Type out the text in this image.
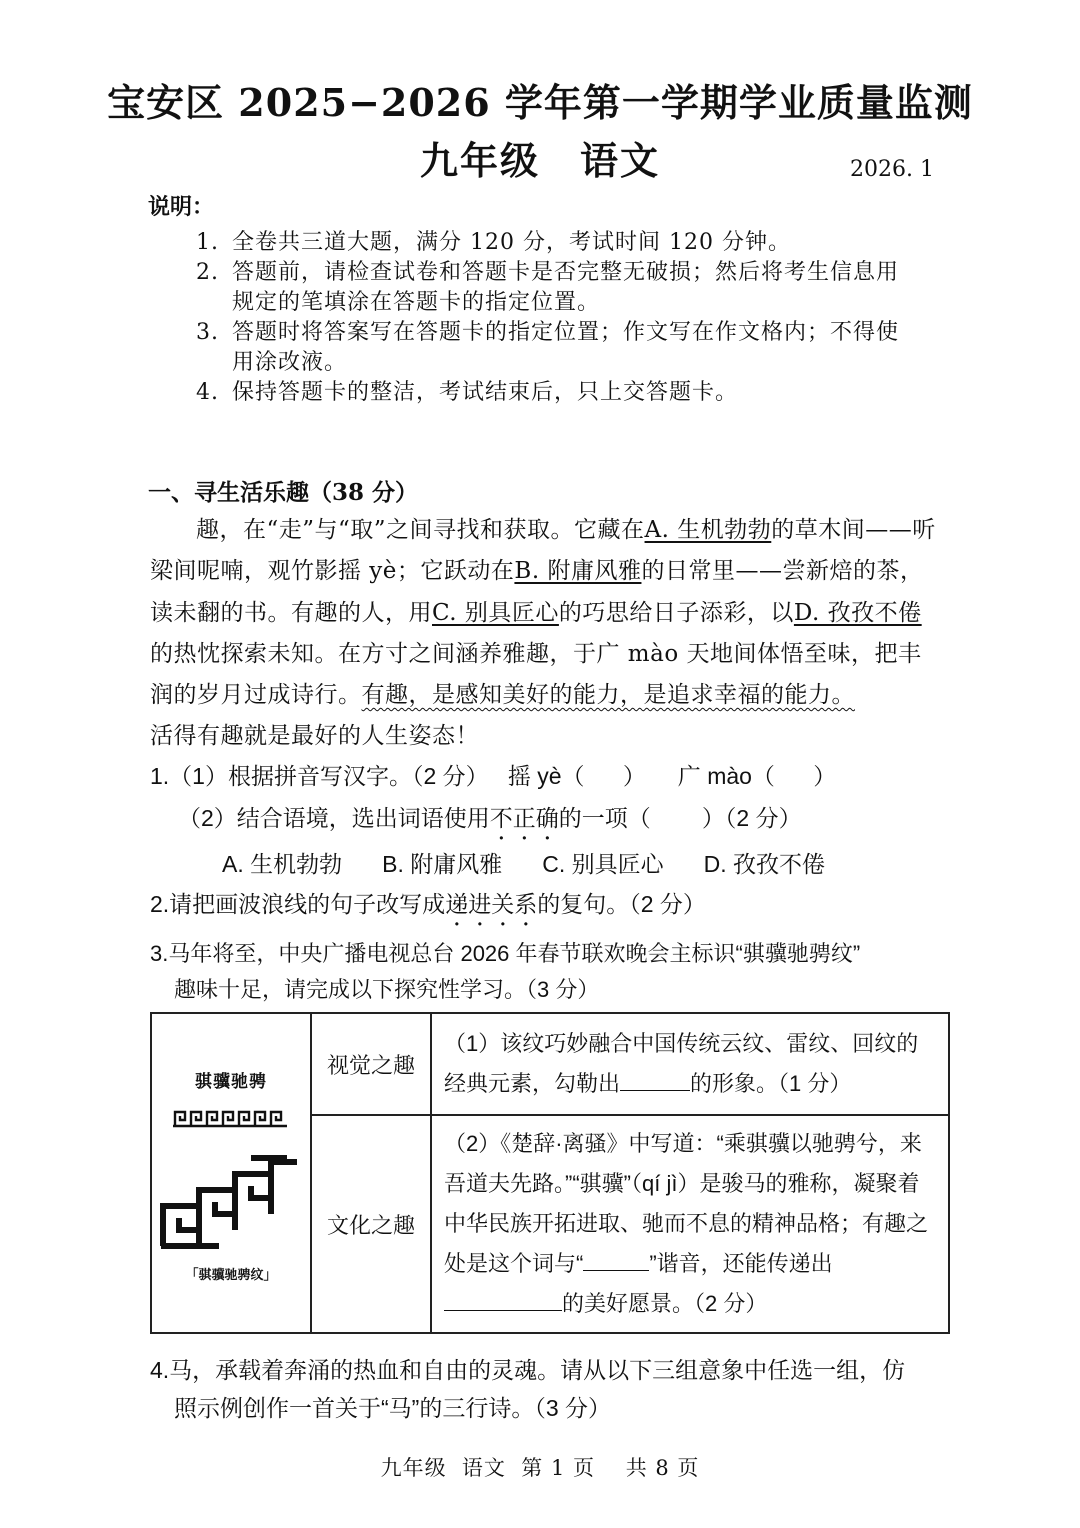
宝安区 2025−2026 学年第一学期学业质量监测
九年级 语文	2026. 1
说明：
1. 全卷共三道大题，满分 120 分，考试时间 120 分钟。
2. 答题前，请检查试卷和答题卡是否完整无破损；然后将考生信息用
规定的笔填涂在答题卡的指定位置。
3. 答题时将答案写在答题卡的指定位置；作文写在作文格内；不得使
用涂改液。
4. 保持答题卡的整洁，考试结束后，只上交答题卡。
一、寻生活乐趣（38 分）
趣，在“走”与“取”之间寻找和获取。它藏在A. 生机勃勃的草木间——听梁间呢喃，观竹影摇 yè；它跃动在B. 附庸风雅的日常里——尝新焙的茶，读未翻的书。有趣的人，用C. 别具匠心的巧思给日子添彩，以D. 孜孜不倦的热忱探索未知。在方寸之间涵养雅趣，于广 mào 天地间体悟至味，把丰润的岁月过成诗行。有趣，是感知美好的能力，是追求幸福的能力。
活得有趣就是最好的人生姿态！
1.（1）根据拼音写汉字。（2 分）   摇 yè（      ）     广 mào（      ）
（2）结合语境，选出词语使用不正确的一项（        ）（2 分）
A. 生机勃勃 B. 附庸风雅 C. 别具匠心 D. 孜孜不倦
2.请把画波浪线的句子改写成递进关系的复句。（2 分）
3.马年将至，中央广播电视总台 2026 年春节联欢晚会主标识“骐骥驰骋纹”
趣味十足，请完成以下探究性学习。（3 分）
骐骥驰骋

「骐骥驰骋纹」	视觉之趣	（1）该纹巧妙融合中国传统云纹、雷纹、回纹的经典元素，勾勒出 的形象。（1 分）
	文化之趣	（2）《楚辞·离骚》中写道：“乘骐骥以驰骋兮，来吾道夫先路。”“骐骥”（qí jì）是骏马的雅称，凝聚着中华民族开拓进取、驰而不息的精神品格；有趣之处是这个词与“ ”谐音，还能传递出的美好愿景。（2 分）
4.马，承载着奔涌的热血和自由的灵魂。请从以下三组意象中任选一组，仿
照示例创作一首关于“马”的三行诗。（3 分）
九年级  语文  第 1 页    共 8 页
